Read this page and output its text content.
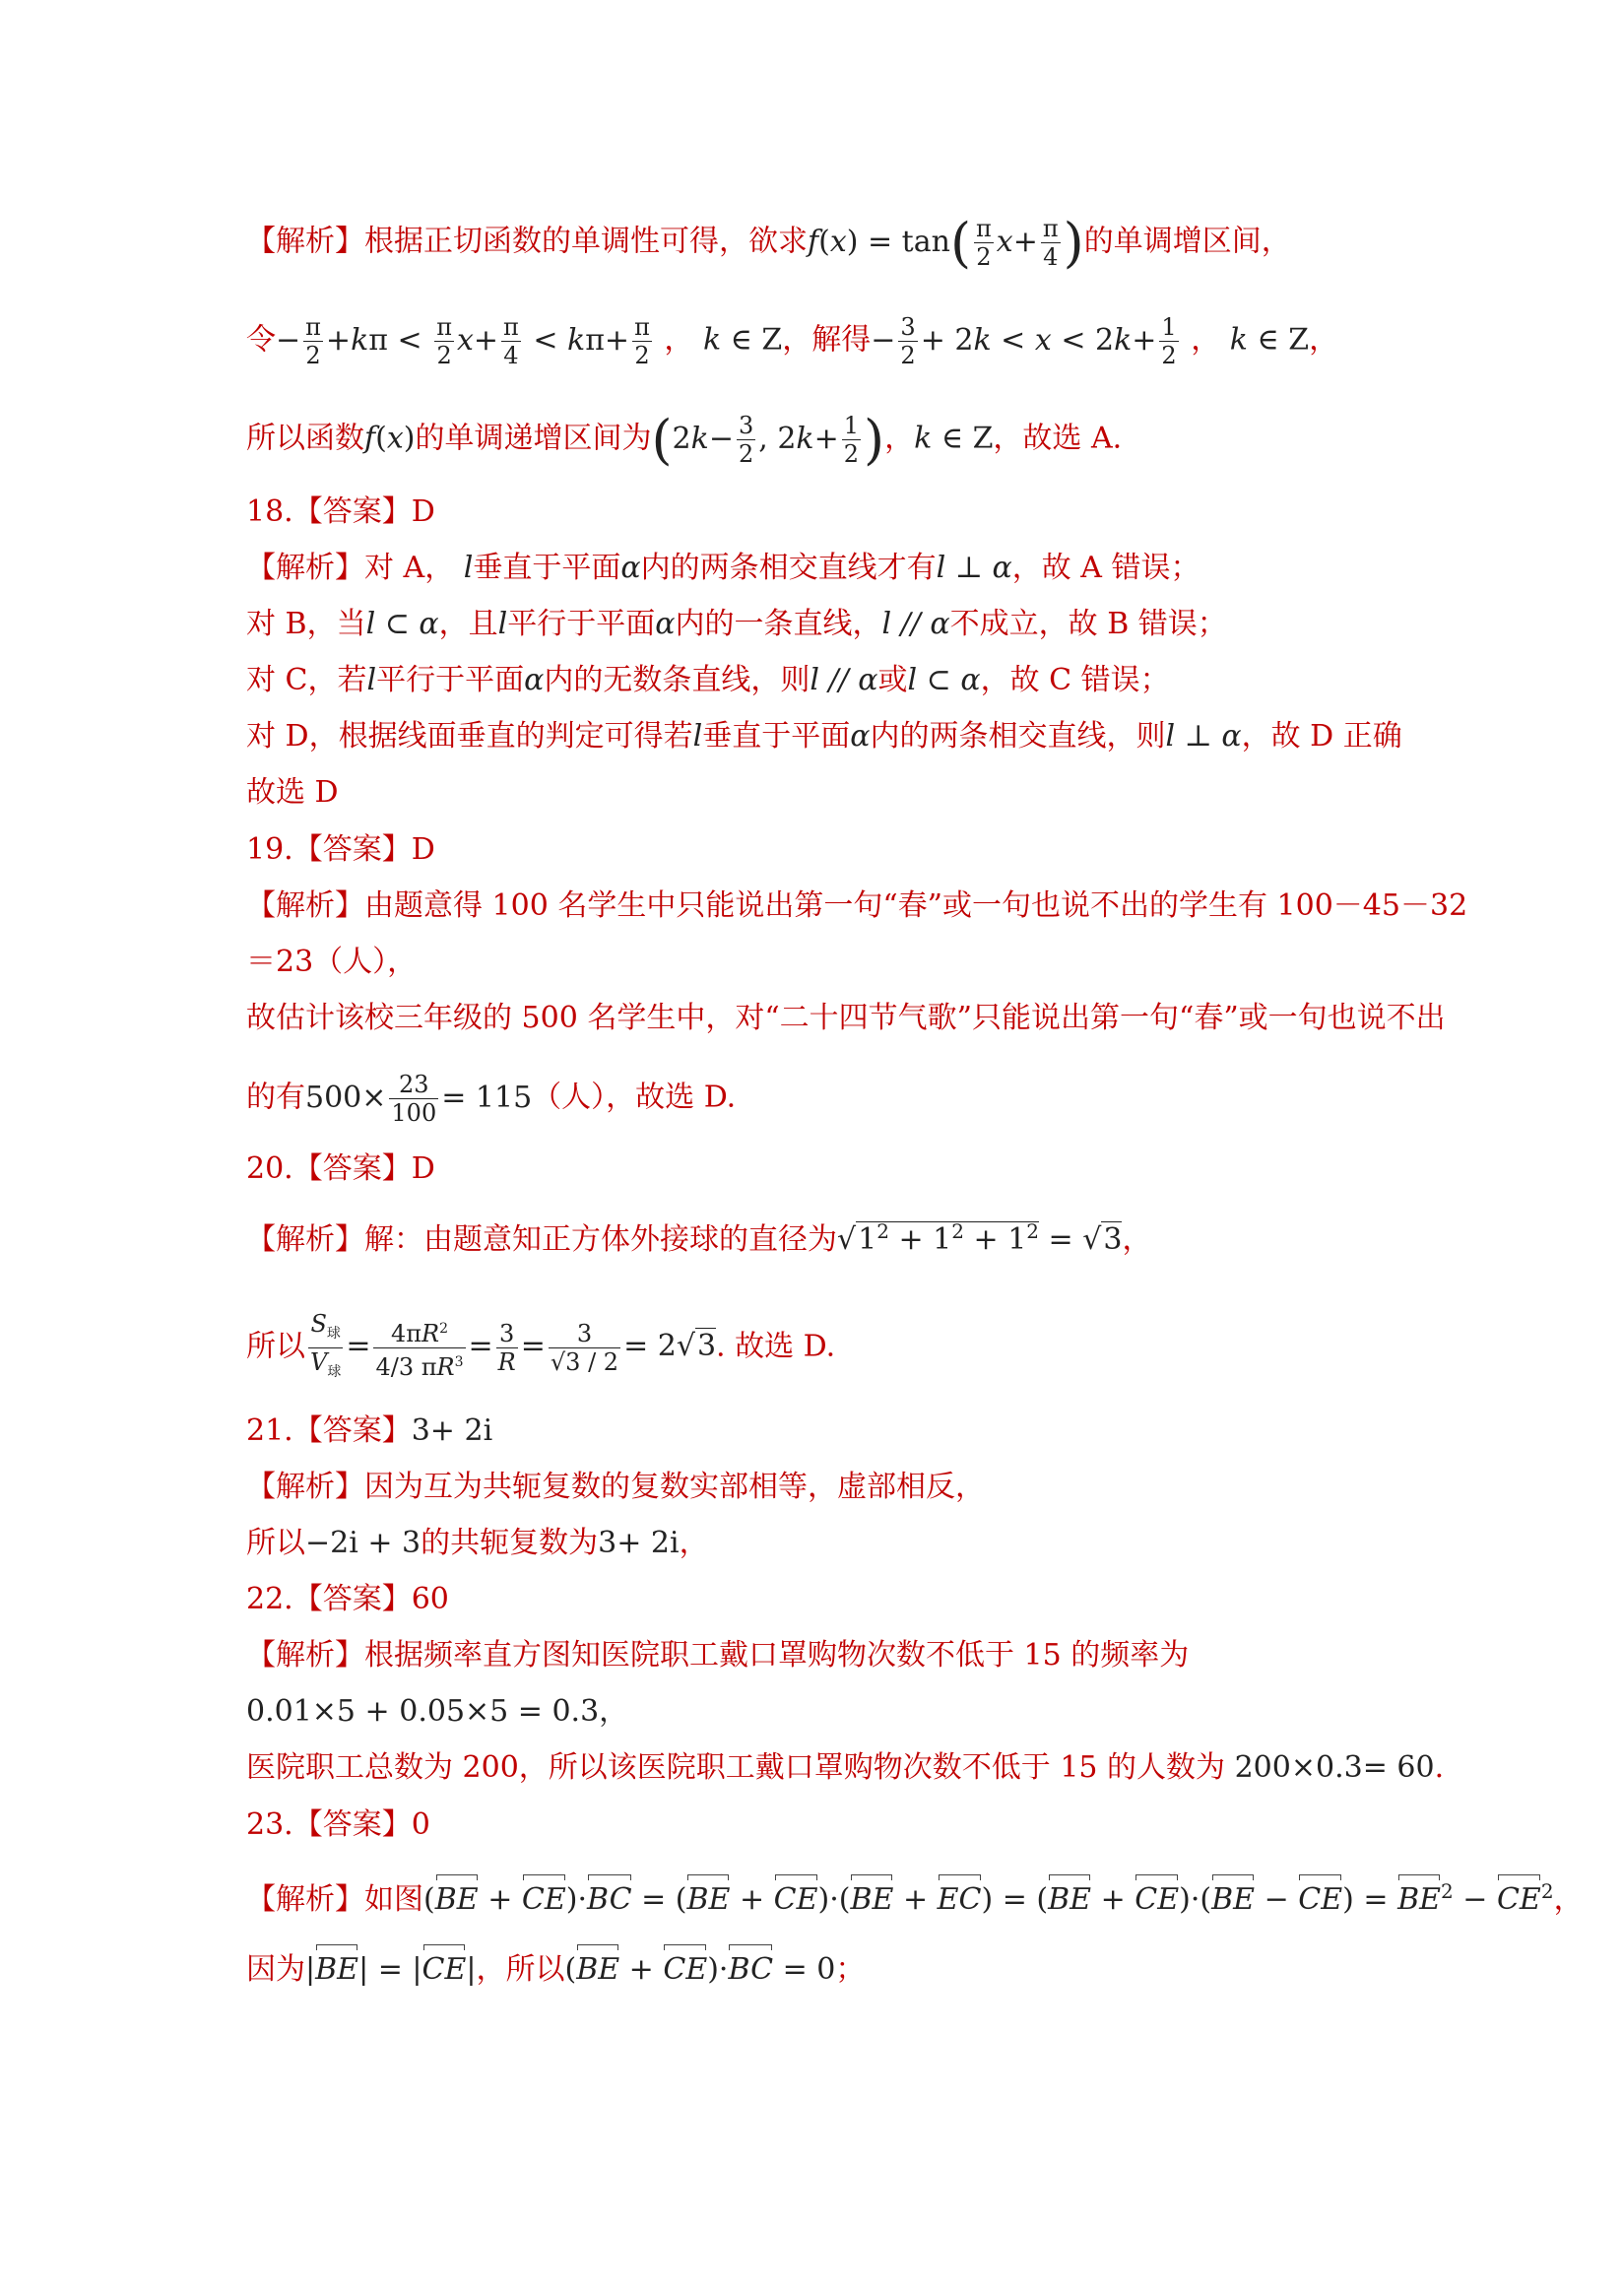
【解析】根据正切函数的单调性可得，欲求$f(x) = \tan( \frac{\pi}{2} x+ \frac{\pi}{4}$ )的单调增区间，
令− $\frac{\pi}{2} +k\pi < \frac{\pi}{2} x+ \frac{\pi}{4} < k\pi+ \frac{\pi}{2}$ ， k ∈ Z，解得− $\frac{3}{2} + 2k < x < 2k+ \frac{1}{2}$ ， k ∈ Z，
所以函数f(x)的单调递增区间为($2k- \frac{3}{2}$ , $2k+ \frac{1}{2}$ )，k ∈ Z，故选 A.
18.【答案】D
【解析】对 A， l垂直于平面α内的两条相交直线才有l ⊥ α，故 A 错误；
对 B，当l ⊂ α，且l平行于平面α内的一条直线，l // α不成立，故 B 错误；
对 C，若l平行于平面α内的无数条直线，则l // α或l ⊂ α，故 C 错误；
对 D，根据线面垂直的判定可得若l垂直于平面α内的两条相交直线，则l ⊥ α，故 D 正确
故选 D
19.【答案】D
【解析】由题意得 100 名学生中只能说出第一句“春”或一句也说不出的学生有 100－45－32
＝23（人），
故估计该校三年级的 500 名学生中，对“二十四节气歌”只能说出第一句“春”或一句也说不出
的有$500\times \frac{23}{100} = 115$（人），故选 D.
20.【答案】D
【解析】解：由题意知正方体外接球的直径为$√1^2 + 1^2 + 1^2 = √3$，
所以 $\frac{S_球}{V_球} = \frac{4\pi R^2}{4/3 \pi R^3} = \frac{3}{R} = \frac{3}{√3 / 2} = 2√3$. 故选 D.
21.【答案】3+ 2i
【解析】因为互为共轭复数的复数实部相等，虚部相反，
所以−2i + 3的共轭复数为3+ 2i，
22.【答案】60
【解析】根据频率直方图知医院职工戴口罩购物次数不低于 15 的频率为
0.01×5 + 0.05×5 = 0.3，
医院职工总数为 200，所以该医院职工戴口罩购物次数不低于 15 的人数为 200×0.3= 60.
23.【答案】0
【解析】如图$(BE + CE)\cdot BC = (BE + CE)\cdot(BE + EC) = (BE + CE)\cdot(BE - CE) = BE^2 - CE^2$，
因为|BE| = |CE|，所以(BE + CE)·BC = 0；
